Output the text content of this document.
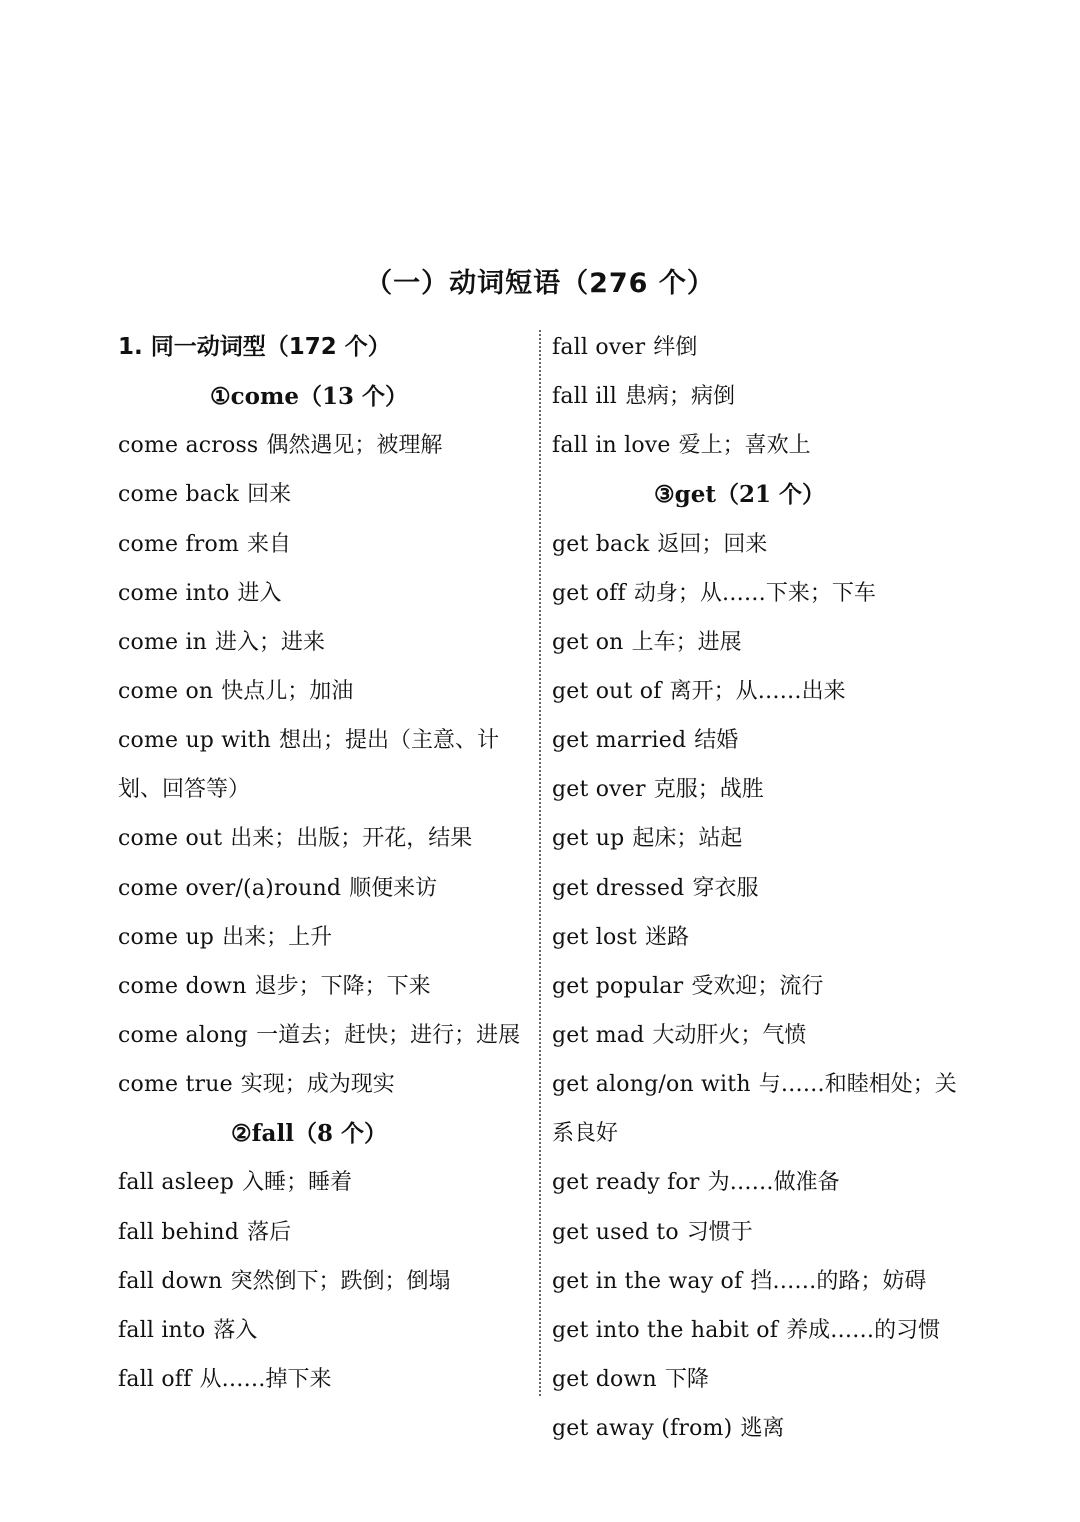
（一）动词短语（276 个）
1. 同一动词型（172 个）
①come（13 个）
come across 偶然遇见；被理解
come back 回来
come from 来自
come into 进入
come in 进入；进来
come on 快点儿；加油
come up with 想出；提出（主意、计划、回答等）
come out 出来；出版；开花，结果
come over/(a)round 顺便来访
come up 出来；上升
come down 退步；下降；下来
come along 一道去；赶快；进行；进展
come true 实现；成为现实
②fall（8 个）
fall asleep 入睡；睡着
fall behind 落后
fall down 突然倒下；跌倒；倒塌
fall into 落入
fall off 从……掉下来
fall over 绊倒
fall ill 患病；病倒
fall in love 爱上；喜欢上
③get（21 个）
get back 返回；回来
get off 动身；从……下来；下车
get on 上车；进展
get out of 离开；从……出来
get married 结婚
get over 克服；战胜
get up 起床；站起
get dressed 穿衣服
get lost 迷路
get popular 受欢迎；流行
get mad 大动肝火；气愤
get along/on with 与……和睦相处；关系良好
get ready for 为……做准备
get used to 习惯于
get in the way of 挡……的路；妨碍
get into the habit of 养成……的习惯
get down 下降
get away (from) 逃离
